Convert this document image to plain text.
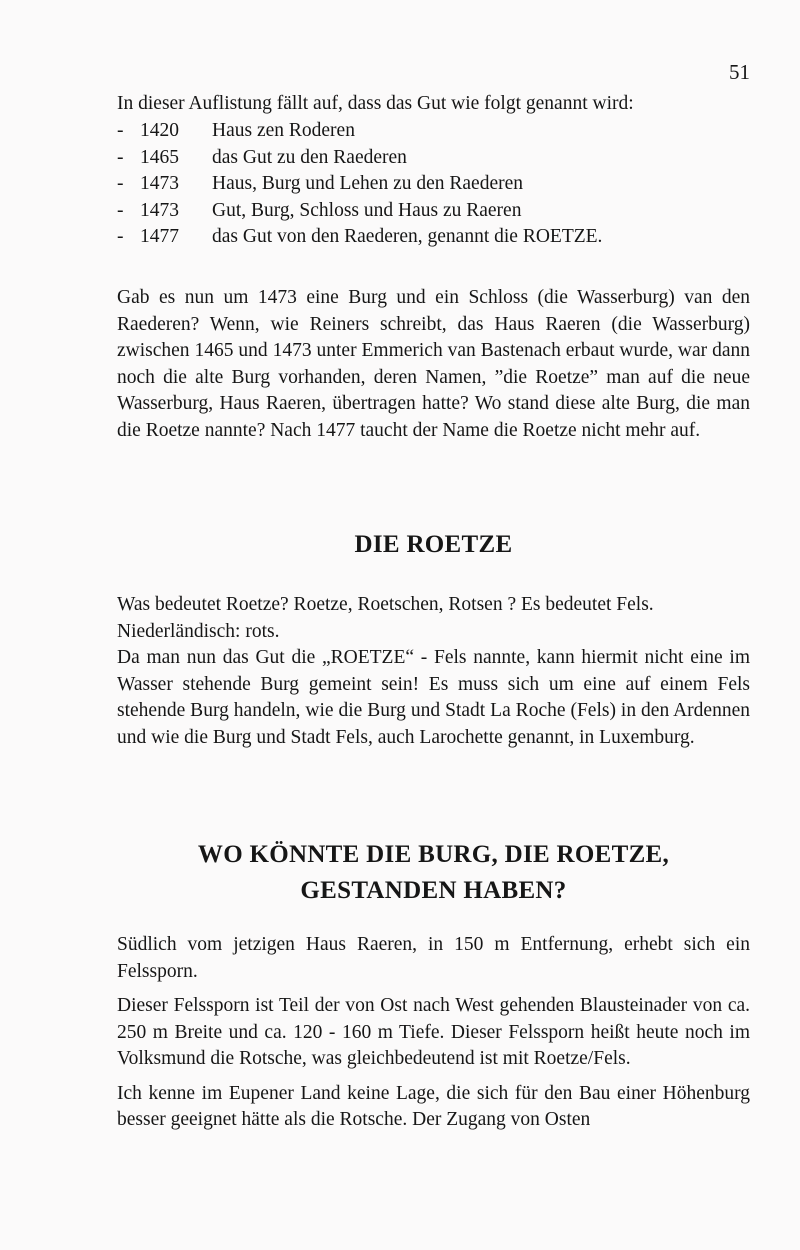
51
In dieser Auflistung fällt auf, dass das Gut wie folgt genannt wird:
- 1420	Haus zen Roderen
- 1465	das Gut zu den Raederen
- 1473	Haus, Burg und Lehen zu den Raederen
- 1473	Gut, Burg, Schloss und Haus zu Raeren
- 1477	das Gut von den Raederen, genannt die ROETZE.
Gab es nun um 1473 eine Burg und ein Schloss (die Wasserburg) van den Raederen? Wenn, wie Reiners schreibt, das Haus Raeren (die Wasserburg) zwischen 1465 und 1473 unter Emmerich van Bastenach erbaut wurde, war dann noch die alte Burg vorhanden, deren Namen, ”die Roetze” man auf die neue Wasserburg, Haus Raeren, übertragen hatte? Wo stand diese alte Burg, die man die Roetze nannte? Nach 1477 taucht der Name die Roetze nicht mehr auf.
DIE ROETZE
Was bedeutet Roetze? Roetze, Roetschen, Rotsen ? Es bedeutet Fels.
Niederländisch: rots.
Da man nun das Gut die „ROETZE“ - Fels nannte, kann hiermit nicht eine im Wasser stehende Burg gemeint sein! Es muss sich um eine auf einem Fels stehende Burg handeln, wie die Burg und Stadt La Roche (Fels) in den Ardennen und wie die Burg und Stadt Fels, auch Larochette genannt, in Luxemburg.
WO KÖNNTE DIE BURG, DIE ROETZE,
GESTANDEN HABEN?
Südlich vom jetzigen Haus Raeren, in 150 m Entfernung, erhebt sich ein Felssporn.
Dieser Felssporn ist Teil der von Ost nach West gehenden Blausteinader von ca. 250 m Breite und ca. 120 - 160 m Tiefe. Dieser Felssporn heißt heute noch im Volksmund die Rotsche, was gleichbedeutend ist mit Roetze/Fels.
Ich kenne im Eupener Land keine Lage, die sich für den Bau einer Höhenburg besser geeignet hätte als die Rotsche. Der Zugang von Osten
